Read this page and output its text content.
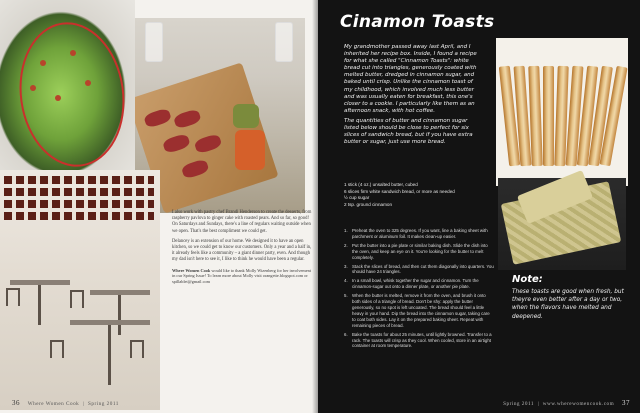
I also work with pastry chef Brandi Henderson to create the desserts, from raspberry pavlova to ginger cake with roasted pears. And so far, so good! On Saturdays and Sundays, there's a line of regulars waiting outside when we open. That's the best compliment we could get.

Delancey is an extension of our home. We designed it to have an open kitchen, so we could get to know our customers. Only a year and a half in, it already feels like a community – a giant dinner party, even. And though my dad isn't here to see it, I like to think he would have been a regular.

Where Women Cook would like to thank Molly Wizenberg for her involvement in our Spring Issue! To learn more about Molly visit orangette.blogspot.com or spillablet@gmail.com

36 Where Women Cook  |  Spring 2011
Cinamon Toasts

My grandmother passed away last April, and I inherited her recipe box. Inside, I found a recipe for what she called "Cinnamon Toasts": white bread cut into triangles, generously coated with melted butter, dredged in cinnamon sugar, and baked until crisp. Unlike the cinnamon toast of my childhood, which involved much less butter and was usually eaten for breakfast, this one's closer to a cookie. I particularly like them as an afternoon snack, with hot coffee.

The quantities of butter and cinnamon sugar listed below should be close to perfect for six slices of sandwich bread, but if you have extra butter or sugar, just use more bread.

1 stick (4 oz.) unsalted butter, cubed
6 slices firm white sandwich bread, or more as needed
½ cup sugar
2 tsp. ground cinnamon
1. Preheat the oven to 325 degrees. If you want, line a baking sheet with parchment or aluminum foil. It makes clean-up easier.
2. Put the butter into a pie plate or similar baking dish. Slide the dish into the oven, and keep an eye on it. You're looking for the butter to melt completely.
3. Stack the slices of bread, and then cut them diagonally into quarters. You should have 24 triangles.
4. In a small bowl, whisk together the sugar and cinnamon. Turn the cinnamon-sugar out onto a dinner plate, or another pie plate.
5. When the butter is melted, remove it from the oven, and brush it onto both sides of a triangle of bread. Don't be shy: apply the butter generously, so no spot is left uncoated. The bread should feel a little heavy in your hand. Dip the bread into the cinnamon sugar, taking care to coat both sides. Lay it on the prepared baking sheet. Repeat with remaining pieces of bread.
6. Bake the toasts for about 25 minutes, until lightly browned. Transfer to a rack. The toasts will crisp as they cool. When cooled, store in an airtight container at room temperature.
Note:
These toasts are good when fresh, but theyre even better after a day or two, when the flavors have melted and deepened.
Spring 2011  |  www.wherewomencook.com 37
